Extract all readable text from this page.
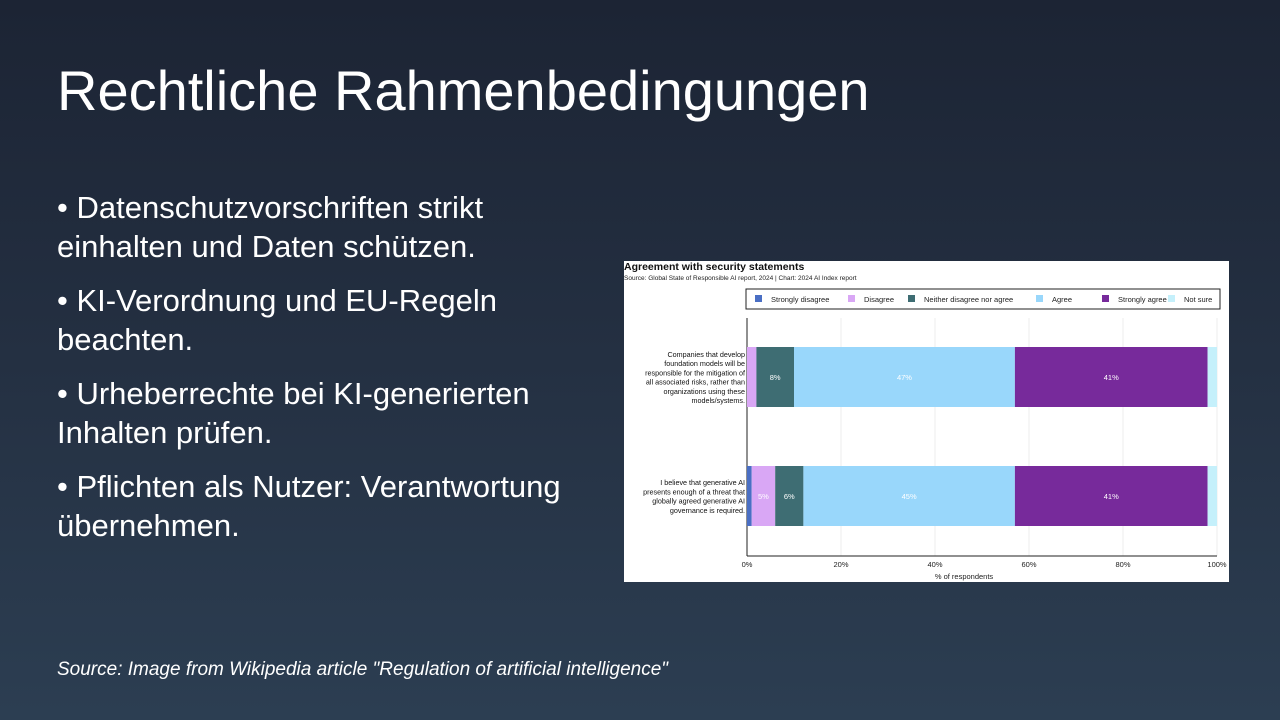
Rechtliche Rahmenbedingungen
• Datenschutzvorschriften strikt einhalten und Daten schützen.
• KI-Verordnung und EU-Regeln beachten.
• Urheberrechte bei KI-generierten Inhalten prüfen.
• Pflichten als Nutzer: Verantwortung übernehmen.
Agreement with security statements
Source: Global State of Responsible AI report, 2024 | Chart: 2024 AI Index report
Strongly disagree	Disagree	Neither disagree nor agree	Agree	Strongly agree Not sure
0%	20%	40%	60%	80%	100%
% of respondents
8%	47%	41%
Companies that develop
foundation models will be
responsible for the mitigation of
all associated risks, rather than
organizations using these
models/systems.
5% 6%	45%	41%
I believe that generative AI
presents enough of a threat that
globally agreed generative AI
governance is required.

Source: Image from Wikipedia article "Regulation of artificial intelligence"
